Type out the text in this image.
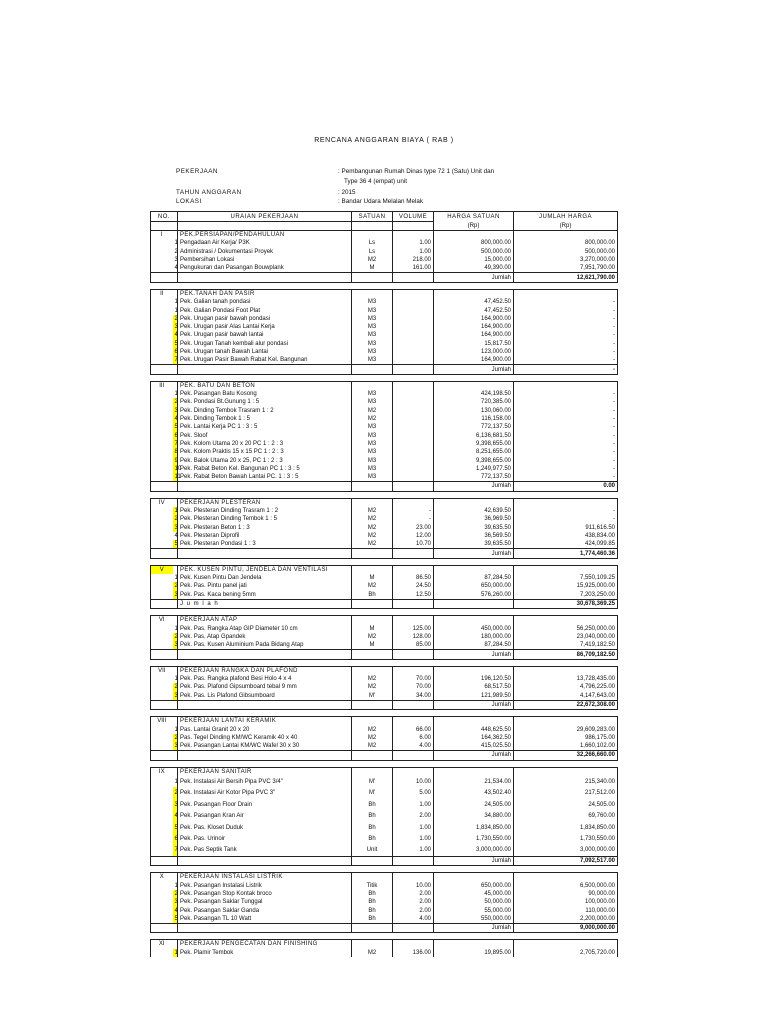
RENCANA ANGGARAN BIAYA ( RAB )
PEKERJAAN	: Pembangunan Rumah Dinas type 72 1 (Satu) Unit dan
Type 36 4 (empat) unit
TAHUN ANGGARAN	: 2015
LOKASI	: Bandar Udara Melalan Melak
NO.		URAIAN PEKERJAAN	SATUAN	VOLUME	HARGA SATUAN	JUMLAH HARGA
					(Rp)	(Rp)
I		PEK.PERSIAPAN/PENDAHULUAN				
	1	Pengadaan Air Kerja/ P3K	Ls	1.00	800,000.00	800,000.00
	2	Administrasi / Dokumentasi Proyek	Ls	1.00	500,000.00	500,000.00
	3	Pembersihan Lokasi	M2	218.00	15,000.00	3,270,000.00
	4	Pengukuran dan Pasangan Bouwplank	M	161.00	49,390.00	7,951,790.00
					Jumlah	12,621,790.00

II		PEK.TANAH DAN PASIR				
	1	Pek. Galian tanah pondasi	M3		47,452.50	-
	1	Pek. Galian Pondasi Foot Plat	M3		47,452.50	-
	2	Pek. Urugan pasir bawah pondasi	M3		164,900.00	-
	3	Pek. Urugan pasir Alas Lantai Kerja	M3		164,900.00	-
	4	Pek. Urugan pasir bawah lantai	M3		164,900.00	-
	5	Pek. Urugan Tanah kembali alur pondasi	M3		15,817.50	-
	6	Pek. Urugan tanah Bawah Lantai	M3		123,000.00	-
	7	Pek. Urugan Pasir Bawah Rabat Kel. Bangunan	M3		164,900.00	-
					Jumlah	-

III		PEK. BATU DAN BETON				
	1	Pek. Pasangan Batu Kosong	M3		424,198.50	-
	2	Pek. Pondasi Bt.Gunung 1 : 5	M3		720,385.00	-
	3	Pek. Dinding Tembok Trasram 1 : 2	M2		130,060.00	-
	4	Pek. Dinding Tembok 1 : 5	M2		116,158.00	-
	5	Pek. Lantai Kerja PC 1 : 3 : 5	M3		772,137.50	-
	6	Pek. Sloof	M3		6,136,681.50	-
	7	Pek. Kolom Utama 20 x 20 PC 1 : 2 : 3	M3		9,398,655.00	-
	8	Pek. Kolom Praktis 15 x 15 PC 1 : 2 : 3	M3		8,251,655.00	-
	9	Pek. Balok Utama 20 x 25, PC 1 : 2 : 3	M3		9,398,655.00	-
	10	Pek. Rabat Beton Kel. Bangunan PC 1 : 3 : 5	M3		1,249,977.50	-
	11	Pek. Rabat Beton Bawah Lantai PC. 1 : 3 : 5	M3		772,137.50	-
					Jumlah	0.00

IV		PEKERJAAN PLESTERAN				
	1	Pek. Plesteran Dinding Trasram 1 : 2	M2	-	42,639.50	-
	2	Pek. Plesteran Dinding Tembok 1 : 5	M2	-	36,969.50	-
	3	Pek. Plesteran Beton 1 : 3	M2	23.00	39,635.50	911,616.50
	4	Pek. Plesteran Diprofil	M2	12.00	36,569.50	438,834.00
	5	Pek. Plesteran Pondasi 1 : 3	M2	10.70	39,635.50	424,099.85
					Jumlah	1,774,460.36

V		PEK. KUSEN PINTU, JENDELA DAN VENTILASI				
	1	Pek. Kusen Pintu Dan Jendela	M	86.50	87,284.50	7,550,109.25
	2	Pek. Pas. Pintu panel jati	M2	24.50	650,000.00	15,925,000.00
	3	Pek. Pas. Kaca bening 5mm	Bh	12.50	576,260.00	7,203,250.00
		J u m l a h				30,678,369.25

VI		PEKERJAAN ATAP				
	1	Pek. Pas. Rangka Atap GIP Diameter 10 cm	M	125.00	450,000.00	56,250,000.00
	2	Pek. Pas. Atap Gpandek	M2	128.00	180,000.00	23,040,000.00
	3	Pek. Pas. Kusen Aluminium Pada Bidang Atap	M	85.00	87,284.50	7,419,182.50
					Jumlah	86,709,182.50

VII		PEKERJAAN RANGKA DAN PLAFOND				
	1	Pek. Pas. Rangka plafond Besi Holo 4 x 4	M2	70.00	196,120.50	13,728,435.00
	2	Pek. Pas. Plafond Gipsumboard tebal 9 mm	M2	70.00	68,517.50	4,796,225.00
	3	Pek. Pas. Lis Plafond Gibsumboard	M'	34.00	121,989.50	4,147,643.00
					Jumlah	22,672,308.00

VIII		PEKERJAAN LANTAI KERAMIK				
	1	Pas. Lantai Granit 20 x 20	M2	66.00	448,625.50	29,609,283.00
	2	Pas. Tegel Dinding KM/WC Keramik 40 x 40	M2	6.00	164,362.50	986,175.00
	3	Pek. Pasangan Lantai KM/WC Wafel 30 x 30	M2	4.00	415,025.50	1,660,102.00
					Jumlah	32,266,660.00

IX		PEKERJAAN SANITAIR				
	1	Pek. Instalasi Air Bersih Pipa PVC 3/4"	M'	10.00	21,534.00	215,340.00
	2	Pek. Instalasi Air Kotor Pipa PVC 3"	M'	5.00	43,502.40	217,512.00
	3	Pek. Pasangan Floor Drain	Bh	1.00	24,505.00	24,505.00
	4	Pek. Pasangan Kran Air	Bh	2.00	34,880.00	69,760.00
	5	Pek. Pas. Kloset Duduk	Bh	1.00	1,834,850.00	1,834,850.00
	6	Pek. Pas. Urinoir	Bh	1.00	1,730,550.00	1,730,550.00
	7	Pek. Pas Septik Tank	Unit	1.00	3,000,000.00	3,000,000.00
					Jumlah	7,092,517.00

X		PEKERJAAN INSTALASI LISTRIK				
	1	Pek. Pasangan Instalasi Listrik	Titik	10.00	650,000.00	6,500,000.00
	2	Pek. Pasangan Stop Kontak broco	Bh	2.00	45,000.00	90,000.00
	3	Pek. Pasangan Saklar Tunggal	Bh	2.00	50,000.00	100,000.00
	4	Pek. Pasangan Saklar Ganda	Bh	2.00	55,000.00	110,000.00
	5	Pek. Pasangan TL 10 Watt	Bh	4.00	550,000.00	2,200,000.00
					Jumlah	9,000,000.00

XI		PEKERJAAN PENGECATAN DAN FINISHING				
	1	Pek. Plamir Tembok	M2	136.00	19,895.00	2,705,720.00
